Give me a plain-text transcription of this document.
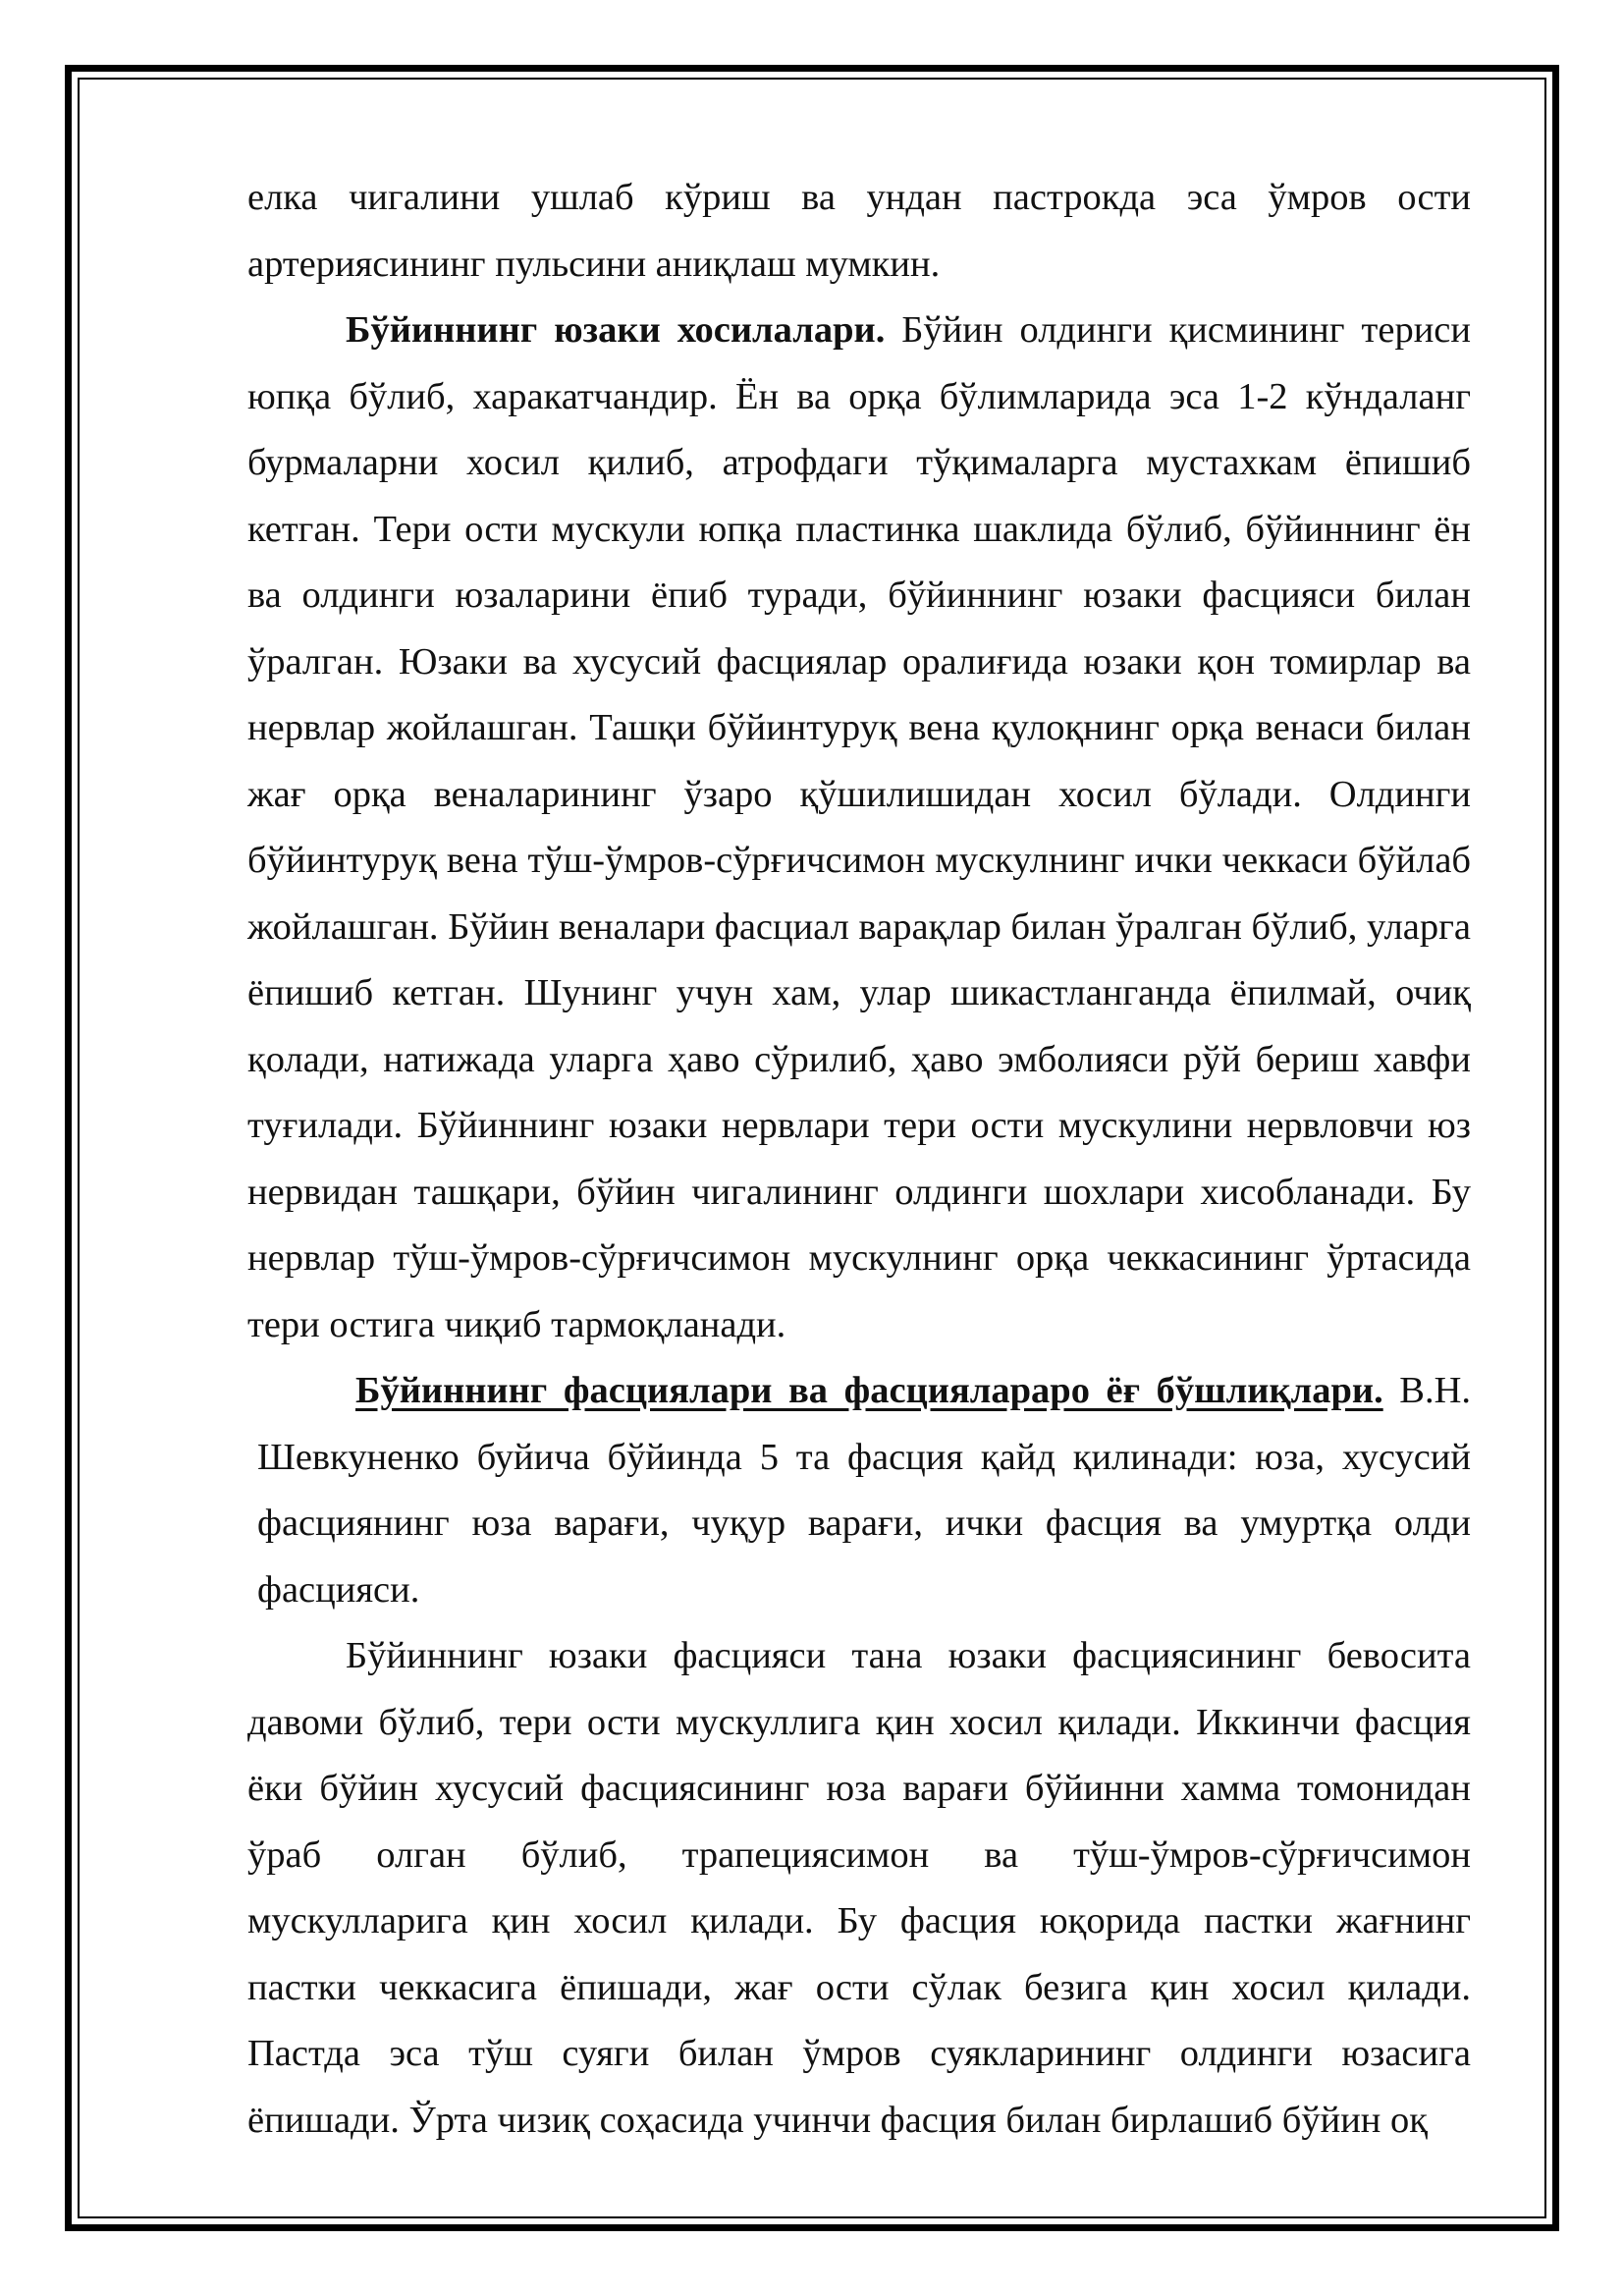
елка чигалини ушлаб кўриш ва ундан пастрокда эса ўмров ости артериясининг пульсини аниқлаш мумкин.

Бўйиннинг юзаки хосилалари. Бўйин олдинги қисмининг териси юпқа бўлиб, харакатчандир. Ён ва орқа бўлимларида эса 1-2 кўндаланг бурмаларни хосил қилиб, атрофдаги тўқималарга мустахкам ёпишиб кетган. Тери ости мускули юпқа пластинка шаклида бўлиб, бўйиннинг ён ва олдинги юзаларини ёпиб туради, бўйиннинг юзаки фасцияси билан ўралган. Юзаки ва хусусий фасциялар оралиғида юзаки қон томирлар ва нервлар жойлашган. Ташқи бўйинтуруқ вена қулоқнинг орқа венаси билан жағ орқа веналарининг ўзаро қўшилишидан хосил бўлади. Олдинги бўйинтуруқ вена тўш-ўмров-сўрғичсимон мускулнинг ички чеккаси бўйлаб жойлашган. Бўйин веналари фасциал варақлар билан ўралган бўлиб, уларга ёпишиб кетган. Шунинг учун хам, улар шикастланганда ёпилмай, очиқ қолади, натижада уларга ҳаво сўрилиб, ҳаво эмболияси рўй бериш хавфи туғилади. Бўйиннинг юзаки нервлари тери ости мускулини нервловчи юз нервидан ташқари, бўйин чигалининг олдинги шохлари хисобланади. Бу нервлар тўш-ўмров-сўрғичсимон мускулнинг орқа чеккасининг ўртасида тери остига чиқиб тармоқланади.

Бўйиннинг фасциялари ва фасцияларaро ёғ бўшлиқлари. В.Н. Шевкуненко буйича бўйинда 5 та фасция қайд қилинади: юза, хусусий фасциянинг юза варағи, чуқур варағи, ички фасция ва умуртқа олди фасцияси.

Бўйиннинг юзаки фасцияси тана юзаки фасциясининг бевосита давоми бўлиб, тери ости мускуллига қин хосил қилади. Иккинчи фасция ёки бўйин хусусий фасциясининг юза варағи бўйинни хамма томонидан ўраб олган бўлиб, трапециясимон ва тўш-ўмров-сўрғичсимон мускулларига қин хосил қилади. Бу фасция юқорида пастки жағнинг пастки чеккасига ёпишади, жағ ости сўлак безига қин хосил қилади. Пастда эса тўш суяги билан ўмров суякларининг олдинги юзасига ёпишади. Ўрта чизиқ соҳасида учинчи фасция билан бирлашиб бўйин оқ
